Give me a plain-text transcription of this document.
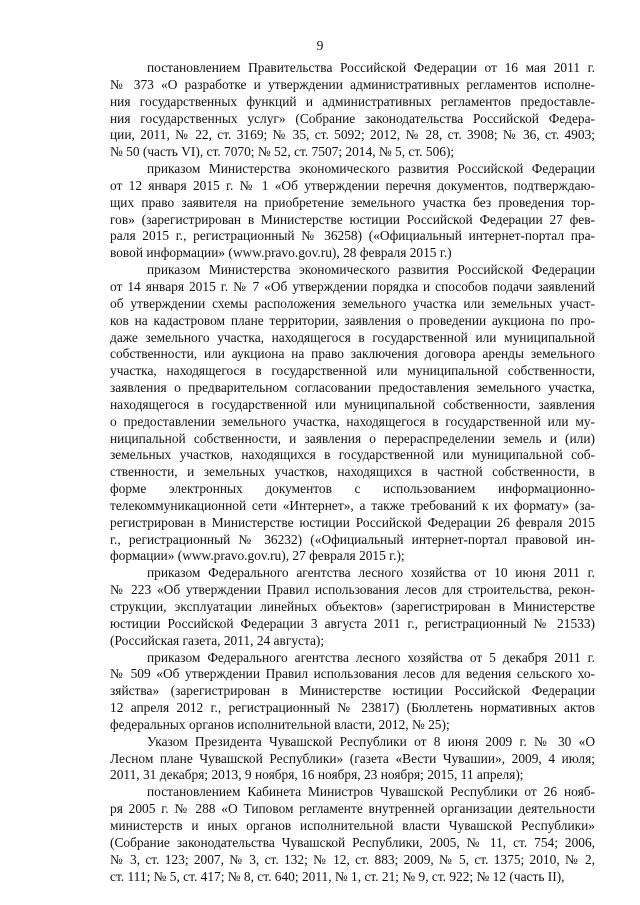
9
постановлением Правительства Российской Федерации от 16 мая 2011 г.
№ 373 «О разработке и утверждении административных регламентов исполне-
ния государственных функций и административных регламентов предоставле-
ния государственных услуг» (Собрание законодательства Российской Федера-
ции, 2011, № 22, ст. 3169; № 35, ст. 5092; 2012, № 28, ст. 3908; № 36, ст. 4903;
№ 50 (часть VI), ст. 7070; № 52, ст. 7507; 2014, № 5, ст. 506);
приказом Министерства экономического развития Российской Федерации
от 12 января 2015 г. № 1 «Об утверждении перечня документов, подтверждаю-
щих право заявителя на приобретение земельного участка без проведения тор-
гов» (зарегистрирован в Министерстве юстиции Российской Федерации 27 фев-
раля 2015 г., регистрационный № 36258) («Официальный интернет-портал пра-
вовой информации» (www.pravo.gov.ru), 28 февраля 2015 г.)
приказом Министерства экономического развития Российской Федерации
от 14 января 2015 г. № 7 «Об утверждении порядка и способов подачи заявлений
об утверждении схемы расположения земельного участка или земельных участ-
ков на кадастровом плане территории, заявления о проведении аукциона по про-
даже земельного участка, находящегося в государственной или муниципальной
собственности, или аукциона на право заключения договора аренды земельного
участка, находящегося в государственной или муниципальной собственности,
заявления о предварительном согласовании предоставления земельного участка,
находящегося в государственной или муниципальной собственности, заявления
о предоставлении земельного участка, находящегося в государственной или му-
ниципальной собственности, и заявления о перераспределении земель и (или)
земельных участков, находящихся в государственной или муниципальной соб-
ственности, и земельных участков, находящихся в частной собственности, в
форме электронных документов с использованием информационно-
телекоммуникационной сети «Интернет», а также требований к их формату» (за-
регистрирован в Министерстве юстиции Российской Федерации 26 февраля 2015
г., регистрационный № 36232) («Официальный интернет-портал правовой ин-
формации» (www.pravo.gov.ru), 27 февраля 2015 г.);
приказом Федерального агентства лесного хозяйства от 10 июня 2011 г.
№ 223 «Об утверждении Правил использования лесов для строительства, рекон-
струкции, эксплуатации линейных объектов» (зарегистрирован в Министерстве
юстиции Российской Федерации 3 августа 2011 г., регистрационный № 21533)
(Российская газета, 2011, 24 августа);
приказом Федерального агентства лесного хозяйства от 5 декабря 2011 г.
№ 509 «Об утверждении Правил использования лесов для ведения сельского хо-
зяйства» (зарегистрирован в Министерстве юстиции Российской Федерации
12 апреля 2012 г., регистрационный № 23817) (Бюллетень нормативных актов
федеральных органов исполнительной власти, 2012, № 25);
Указом Президента Чувашской Республики от 8 июня 2009 г. № 30 «О
Лесном плане Чувашской Республики» (газета «Вести Чувашии», 2009, 4 июля;
2011, 31 декабря; 2013, 9 ноября, 16 ноября, 23 ноября; 2015, 11 апреля);
постановлением Кабинета Министров Чувашской Республики от 26 нояб-
ря 2005 г. № 288 «О Типовом регламенте внутренней организации деятельности
министерств и иных органов исполнительной власти Чувашской Республики»
(Собрание законодательства Чувашской Республики, 2005, № 11, ст. 754; 2006,
№ 3, ст. 123; 2007, № 3, ст. 132; № 12, ст. 883; 2009, № 5, ст. 1375; 2010, № 2,
ст. 111; № 5, ст. 417; № 8, ст. 640; 2011, № 1, ст. 21; № 9, ст. 922; № 12 (часть II),
